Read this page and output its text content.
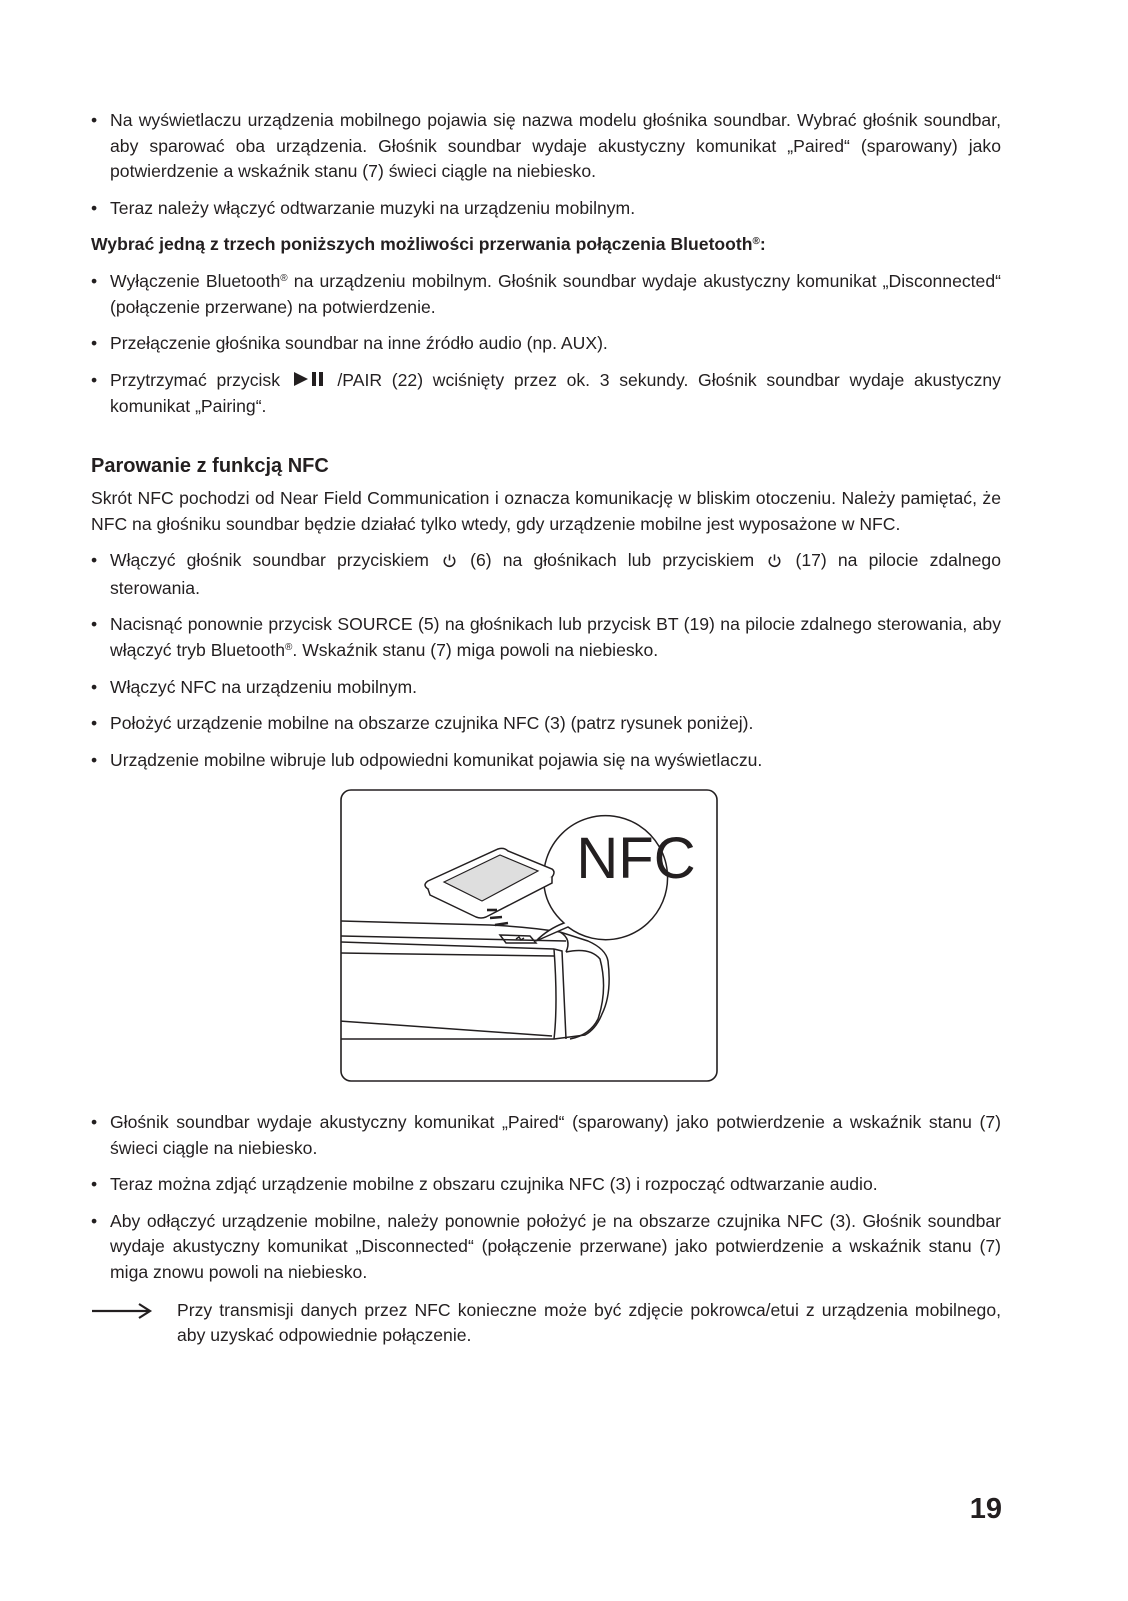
• Na wyświetlaczu urządzenia mobilnego pojawia się nazwa modelu głośnika soundbar. Wybrać głośnik soundbar, aby sparować oba urządzenia. Głośnik soundbar wydaje akustyczny komunikat „Paired“ (sparowany) jako potwierdzenie a wskaźnik stanu (7) świeci ciągle na niebiesko.
• Teraz należy włączyć odtwarzanie muzyki na urządzeniu mobilnym.

Wybrać jedną z trzech poniższych możliwości przerwania połączenia Bluetooth®:

• Wyłączenie Bluetooth® na urządzeniu mobilnym. Głośnik soundbar wydaje akustyczny komunikat „Disconnected“ (połączenie przerwane) na potwierdzenie.
• Przełączenie głośnika soundbar na inne źródło audio (np. AUX).
• Przytrzymać przycisk  /PAIR (22) wciśnięty przez ok. 3 sekundy. Głośnik soundbar wydaje akustyczny komunikat „Pairing“.
Parowanie z funkcją NFC

Skrót NFC pochodzi od Near Field Communication i oznacza komunikację w bliskim otoczeniu. Należy pamiętać, że NFC na głośniku soundbar będzie działać tylko wtedy, gdy urządzenie mobilne jest wyposażone w NFC.

• Włączyć głośnik soundbar przyciskiem  (6) na głośnikach lub przyciskiem  (17) na pilocie zdalnego sterowania.
• Nacisnąć ponownie przycisk SOURCE (5) na głośnikach lub przycisk BT (19) na pilocie zdalnego sterowania, aby włączyć tryb Bluetooth®. Wskaźnik stanu (7) miga powoli na niebiesko.
• Włączyć NFC na urządzeniu mobilnym.
• Położyć urządzenie mobilne na obszarze czujnika NFC (3) (patrz rysunek poniżej).
• Urządzenie mobilne wibruje lub odpowiedni komunikat pojawia się na wyświetlaczu.
NFC
• Głośnik soundbar wydaje akustyczny komunikat „Paired“ (sparowany) jako potwierdzenie a wskaźnik stanu (7) świeci ciągle na niebiesko.
• Teraz można zdjąć urządzenie mobilne z obszaru czujnika NFC (3) i rozpocząć odtwarzanie audio.
• Aby odłączyć urządzenie mobilne, należy ponownie położyć je na obszarze czujnika NFC (3). Głośnik soundbar wydaje akustyczny komunikat „Disconnected“ (połączenie przerwane) jako potwierdzenie a wskaźnik stanu (7) miga znowu powoli na niebiesko.
Przy transmisji danych przez NFC konieczne może być zdjęcie pokrowca/etui z urządzenia mobilnego, aby uzyskać odpowiednie połączenie.
19
